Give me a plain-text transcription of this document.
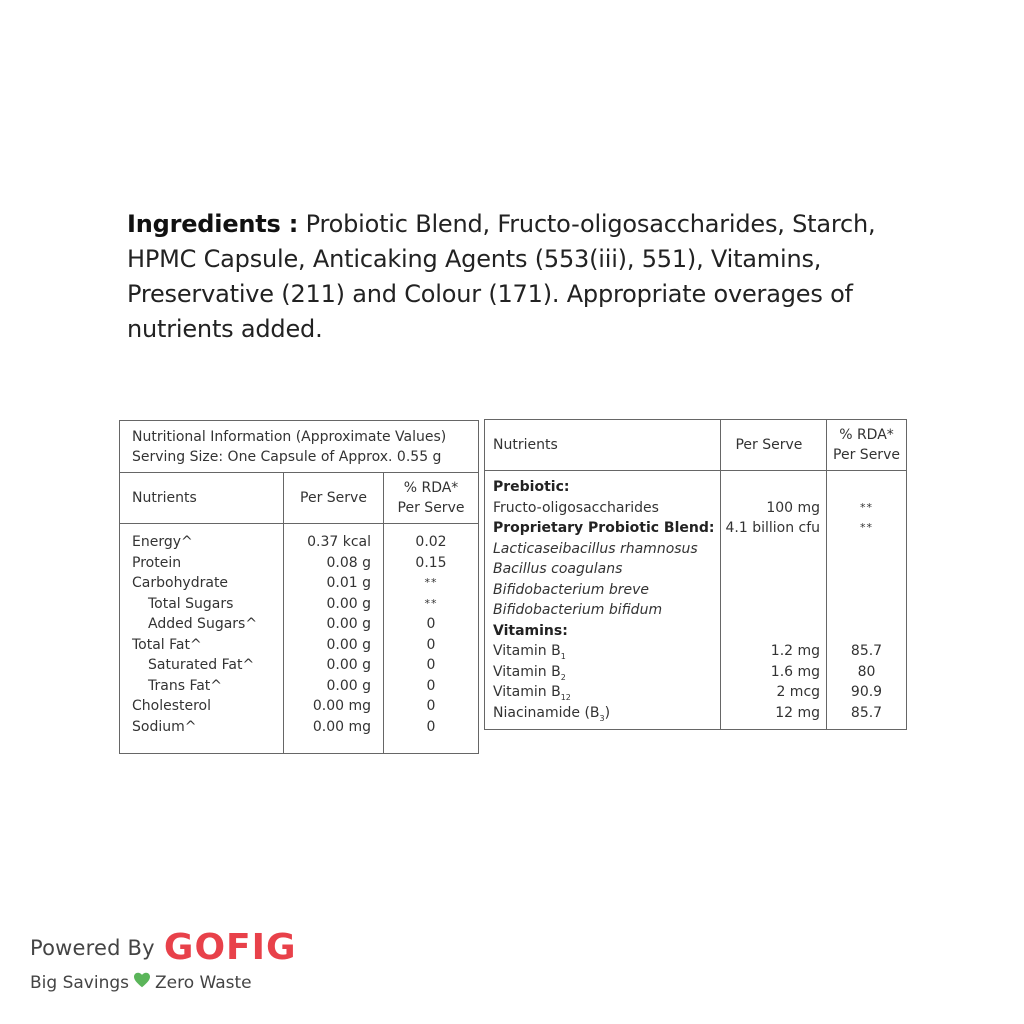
Ingredients : Probiotic Blend, Fructo-oligosaccharides, Starch, HPMC Capsule, Anticaking Agents (553(iii), 551), Vitamins, Preservative (211) and Colour (171). Appropriate overages of nutrients added.
Nutritional Information (Approximate Values)
Serving Size: One Capsule of Approx. 0.55 g		

Nutrients	Per Serve	% RDA*
Per Serve

Energy^	0.37 kcal	0.02
Protein	0.08 g	0.15
Carbohydrate	0.01 g	**
Total Sugars	0.00 g	**
Added Sugars^	0.00 g	0
Total Fat^	0.00 g	0
Saturated Fat^	0.00 g	0
Trans Fat^	0.00 g	0
Cholesterol	0.00 mg	0
Sodium^	0.00 mg	0

Nutrients	Per Serve	% RDA*
Per Serve

Prebiotic:		
Fructo-oligosaccharides	100 mg	**
Proprietary Probiotic Blend:	4.1 billion cfu	**
Lacticaseibacillus rhamnosus		
Bacillus coagulans		
Bifidobacterium breve		
Bifidobacterium bifidum		
Vitamins:		
Vitamin $B_1$	1.2 mg	85.7
Vitamin $B_2$	1.6 mg	80
Vitamin $B_{12}$	2 mcg	90.9
Niacinamide $(B_3)$	12 mg	85.7

Powered By GOFIG
Big Savings Zero Waste
